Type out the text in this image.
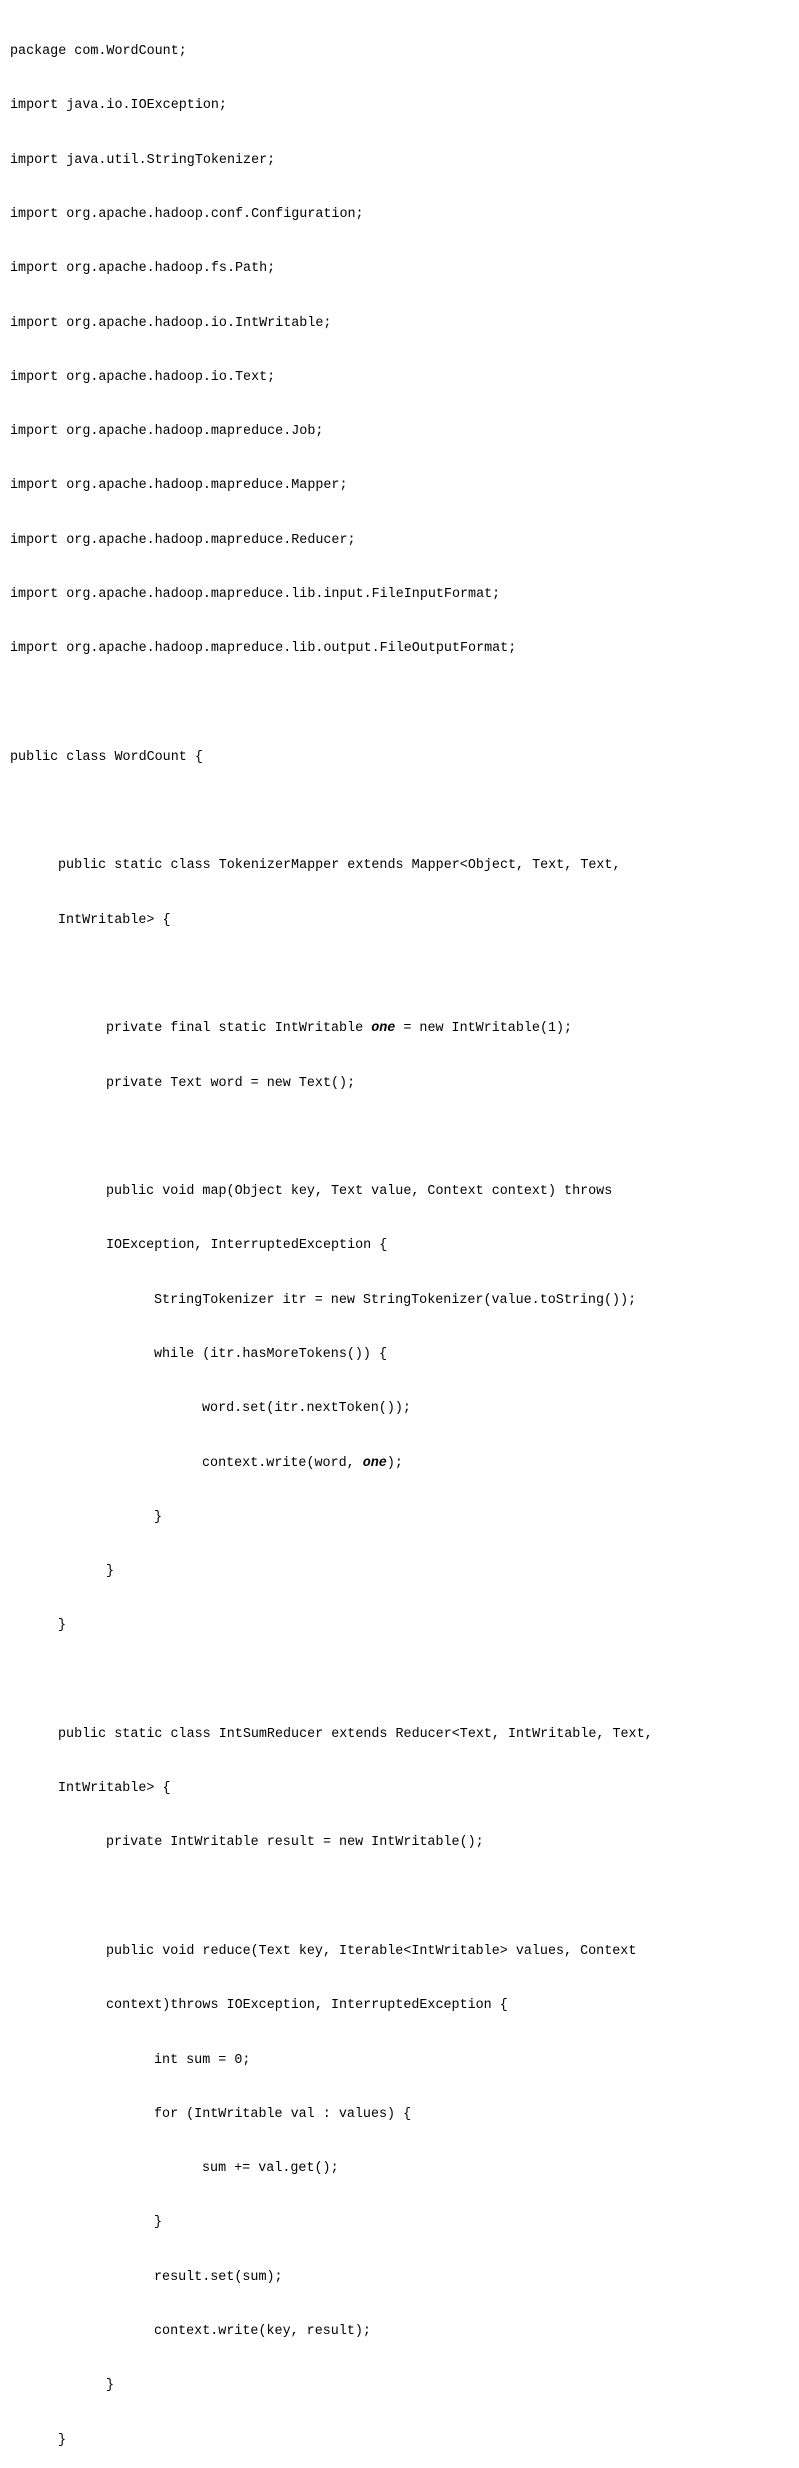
package com.WordCount;

import java.io.IOException;

import java.util.StringTokenizer;

import org.apache.hadoop.conf.Configuration;

import org.apache.hadoop.fs.Path;

import org.apache.hadoop.io.IntWritable;

import org.apache.hadoop.io.Text;

import org.apache.hadoop.mapreduce.Job;

import org.apache.hadoop.mapreduce.Mapper;

import org.apache.hadoop.mapreduce.Reducer;

import org.apache.hadoop.mapreduce.lib.input.FileInputFormat;

import org.apache.hadoop.mapreduce.lib.output.FileOutputFormat;

public class WordCount {

public static class TokenizerMapper extends Mapper<Object, Text, Text,

IntWritable> {

private final static IntWritable one = new IntWritable(1);

private Text word = new Text();

public void map(Object key, Text value, Context context) throws

IOException, InterruptedException {

StringTokenizer itr = new StringTokenizer(value.toString());

while (itr.hasMoreTokens()) {

word.set(itr.nextToken());

context.write(word, one);

}

}

}

public static class IntSumReducer extends Reducer<Text, IntWritable, Text,

IntWritable> {

private IntWritable result = new IntWritable();

public void reduce(Text key, Iterable<IntWritable> values, Context

context)throws IOException, InterruptedException {

int sum = 0;

for (IntWritable val : values) {

sum += val.get();

}

result.set(sum);

context.write(key, result);

}

}
